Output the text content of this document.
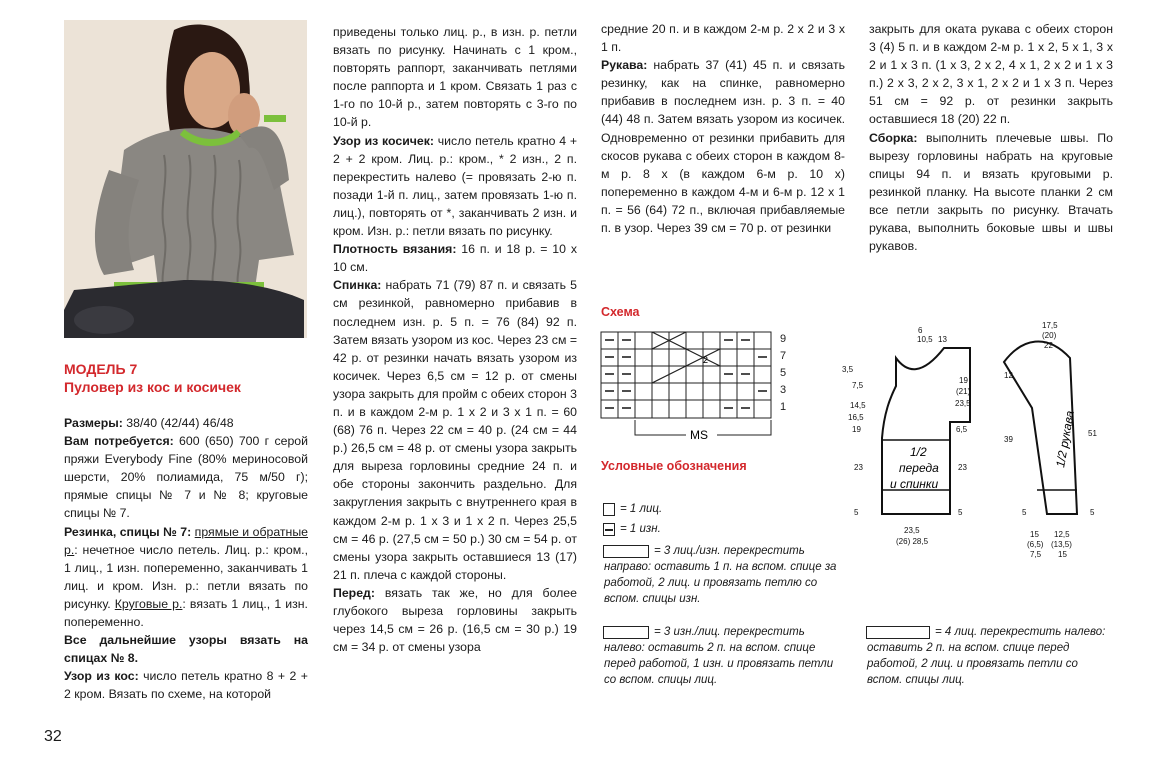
МОДЕЛЬ 7
Пуловер из кос и косичек

Размеры: 38/40 (42/44) 46/48

Вам потребуется: 600 (650) 700 г серой пряжи Everybody Fine (80% мериносовой шерсти, 20% полиамида, 75 м/50 г); прямые спицы № 7 и № 8; круговые спицы № 7.

Резинка, спицы № 7: прямые и обратные р.: нечетное число петель. Лиц. р.: кром., 1 лиц., 1 изн. попеременно, заканчивать 1 лиц. и кром. Изн. р.: петли вязать по рисунку. Круговые р.: вязать 1 лиц., 1 изн. попеременно.

Все дальнейшие узоры вязать на спицах № 8.

Узор из кос: число петель кратно 8 + 2 + 2 кром. Вязать по схеме, на которой

приведены только лиц. р., в изн. р. петли вязать по рисунку. Начинать с 1 кром., повторять раппорт, заканчивать петлями после раппорта и 1 кром. Связать 1 раз с 1-го по 10-й р., затем повторять с 3-го по 10-й р.

Узор из косичек: число петель кратно 4 + 2 + 2 кром. Лиц. р.: кром., * 2 изн., 2 п. перекрестить налево (= провязать 2-ю п. позади 1-й п. лиц., затем провязать 1-ю п. лиц.), повторять от *, заканчивать 2 изн. и кром. Изн. р.: петли вязать по рисунку.

Плотность вязания: 16 п. и 18 р. = 10 х 10 см.

Спинка: набрать 71 (79) 87 п. и связать 5 см резинкой, равномерно прибавив в последнем изн. р. 5 п. = 76 (84) 92 п. Затем вязать узором из кос. Через 23 см = 42 р. от резинки начать вязать узором из косичек. Через 6,5 см = 12 р. от смены узора закрыть для пройм с обеих сторон 3 п. и в каждом 2-м р. 1 х 2 и 3 х 1 п. = 60 (68) 76 п. Через 22 см = 40 р. (24 см = 44 р.) 26,5 см = 48 р. от смены узора закрыть для выреза горловины средние 24 п. и обе стороны закончить раздельно. Для закругления закрыть с внутреннего края в каждом 2-м р. 1 х 3 и 1 х 2 п. Через 25,5 см = 46 р. (27,5 см = 50 р.) 30 см = 54 р. от смены узора закрыть оставшиеся 13 (17) 21 п. плеча с каждой стороны.

Перед: вязать так же, но для более глубокого выреза горловины закрыть через 14,5 см = 26 р. (16,5 см = 30 р.) 19 см = 34 р. от смены узора

средние 20 п. и в каждом 2-м р. 2 х 2 и 3 х 1 п.

Рукава: набрать 37 (41) 45 п. и связать резинку, как на спинке, равномерно прибавив в последнем изн. р. 3 п. = 40 (44) 48 п. Затем вязать узором из косичек. Одновременно от резинки прибавить для скосов рукава с обеих сторон в каждом 8-м р. 8 х (в каждом 6-м р. 10 х) попеременно в каждом 4-м и 6-м р. 12 х 1 п. = 56 (64) 72 п., включая прибавляемые п. в узор. Через 39 см = 70 р. от резинки

закрыть для оката рукава с обеих сторон 3 (4) 5 п. и в каждом 2-м р. 1 х 2, 5 х 1, 3 х 2 и 1 х 3 п. (1 х 3, 2 х 2, 4 х 1, 2 х 2 и 1 х 3 п.) 2 х 3, 2 х 2, 3 х 1, 2 х 2 и 1 х 3 п. Через 51 см = 92 р. от резинки закрыть оставшиеся 18 (20) 22 п.

Сборка: выполнить плечевые швы. По вырезу горловины набрать на круговые спицы 94 п. и вязать круговыми р. резинкой планку. На высоте планки 2 см все петли закрыть по рисунку. Втачать рукава, выполнить боковые швы и швы рукавов.

Схема
2
9
7
5
3
1
MS
Условные обозначения
= 1 лиц.
= 1 изн.
= 3 лиц./изн. перекрестить направо: оставить 1 п. на вспом. спице за работой, 2 лиц. и провязать петлю со вспом. спицы изн.
= 3 изн./лиц. перекрестить налево: оставить 2 п. на вспом. спице перед работой, 1 изн. и провязать петли со вспом. спицы лиц.
= 4 лиц. перекрестить налево: оставить 2 п. на вспом. спице перед работой, 2 лиц. и провязать петли со вспом. спицы лиц.
1/2 переда и спинки
1/2 рукава
6
10,5 13
3,5
7,5
14,5
16,5
19
19
(21)
23,5
6,5
23	23
5	5
23,5
(26) 28,5
17,5
(20)
22
12
39
51
5	5
12,5
(13,5)
15
15
(6,5)
7,5
32
